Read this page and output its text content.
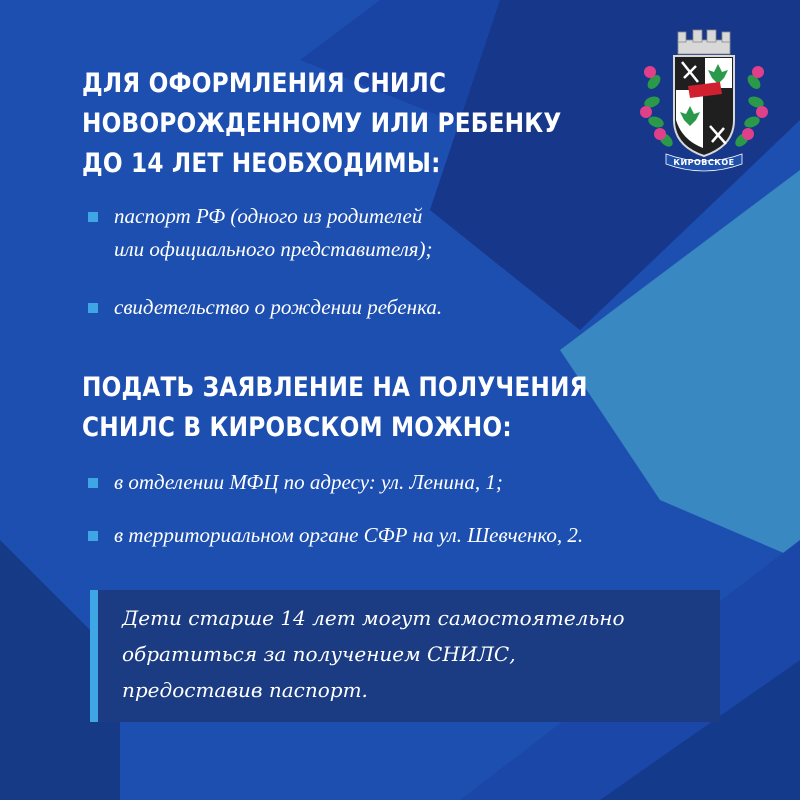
КИРОВСКОЕ
ДЛЯ ОФОРМЛЕНИЯ СНИЛС
НОВОРОЖДЕННОМУ ИЛИ РЕБЕНКУ
ДО 14 ЛЕТ НЕОБХОДИМЫ:
паспорт РФ (одного из родителей
или официального представителя);
свидетельство о рождении ребенка.
ПОДАТЬ ЗАЯВЛЕНИЕ НА ПОЛУЧЕНИЯ
СНИЛС В КИРОВСКОМ МОЖНО:
в отделении МФЦ по адресу: ул. Ленина, 1;
в территориальном органе СФР на ул. Шевченко, 2.

Дети старше 14 лет могут самостоятельно
обратиться за получением СНИЛС,
предоставив паспорт.
